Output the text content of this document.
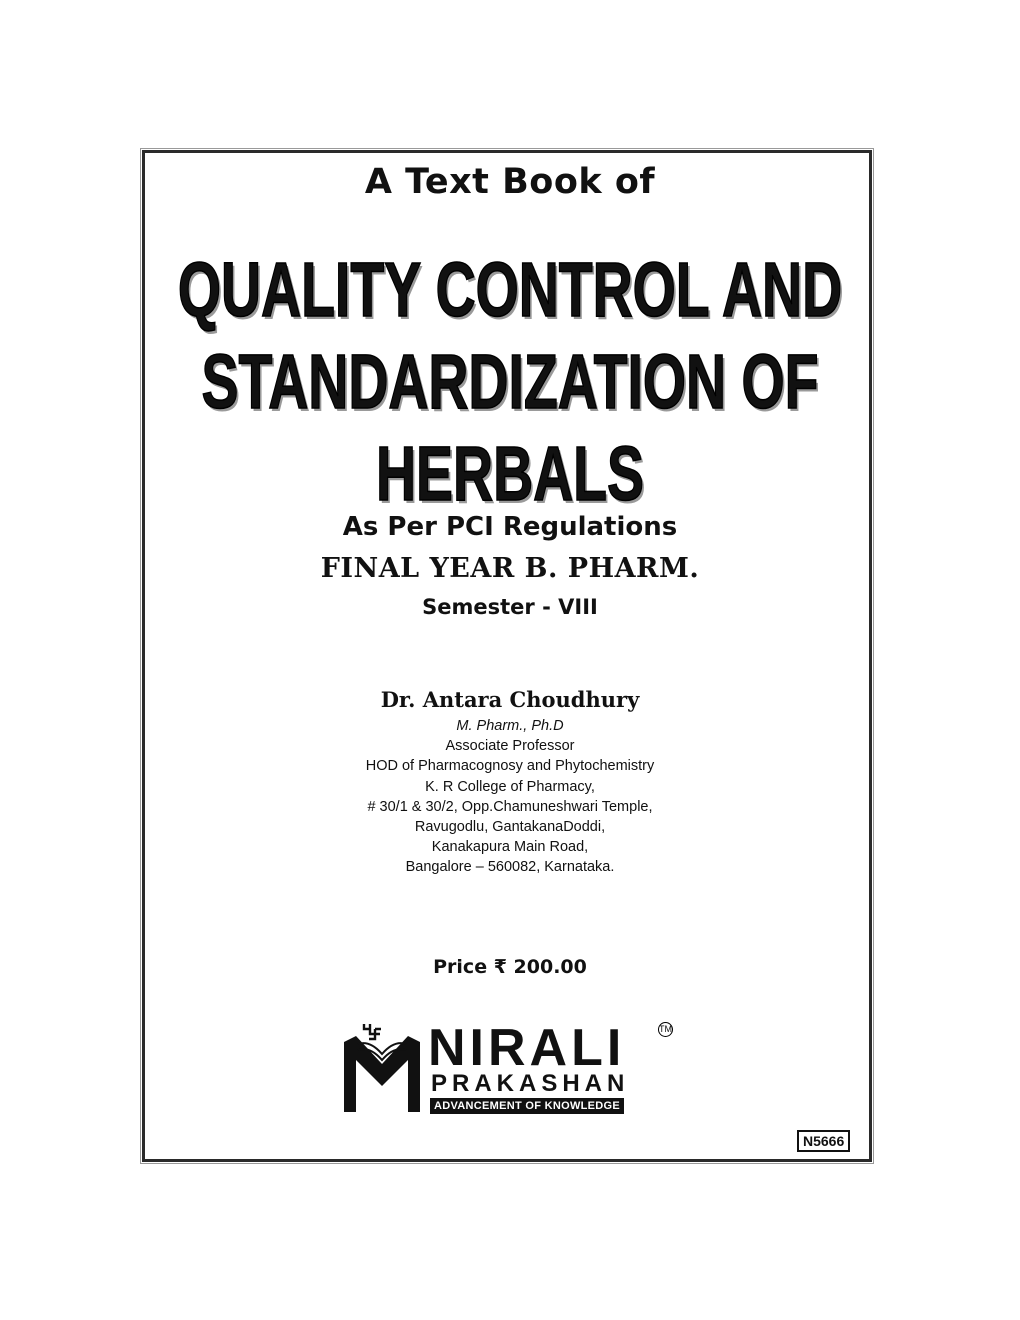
A Text Book of
QUALITY CONTROL AND
STANDARDIZATION OF
HERBALS
As Per PCI Regulations
FINAL YEAR B. PHARM.
Semester - VIII
Dr. Antara Choudhury
M. Pharm., Ph.D
Associate Professor
HOD of Pharmacognosy and Phytochemistry
K. R College of Pharmacy,
# 30/1 & 30/2, Opp.Chamuneshwari Temple,
Ravugodlu, GantakanaDoddi,
Kanakapura Main Road,
Bangalore – 560082, Karnataka.
Price ₹ 200.00
NIRALI	TM
PRAKASHAN
ADVANCEMENT OF KNOWLEDGE
N5666
